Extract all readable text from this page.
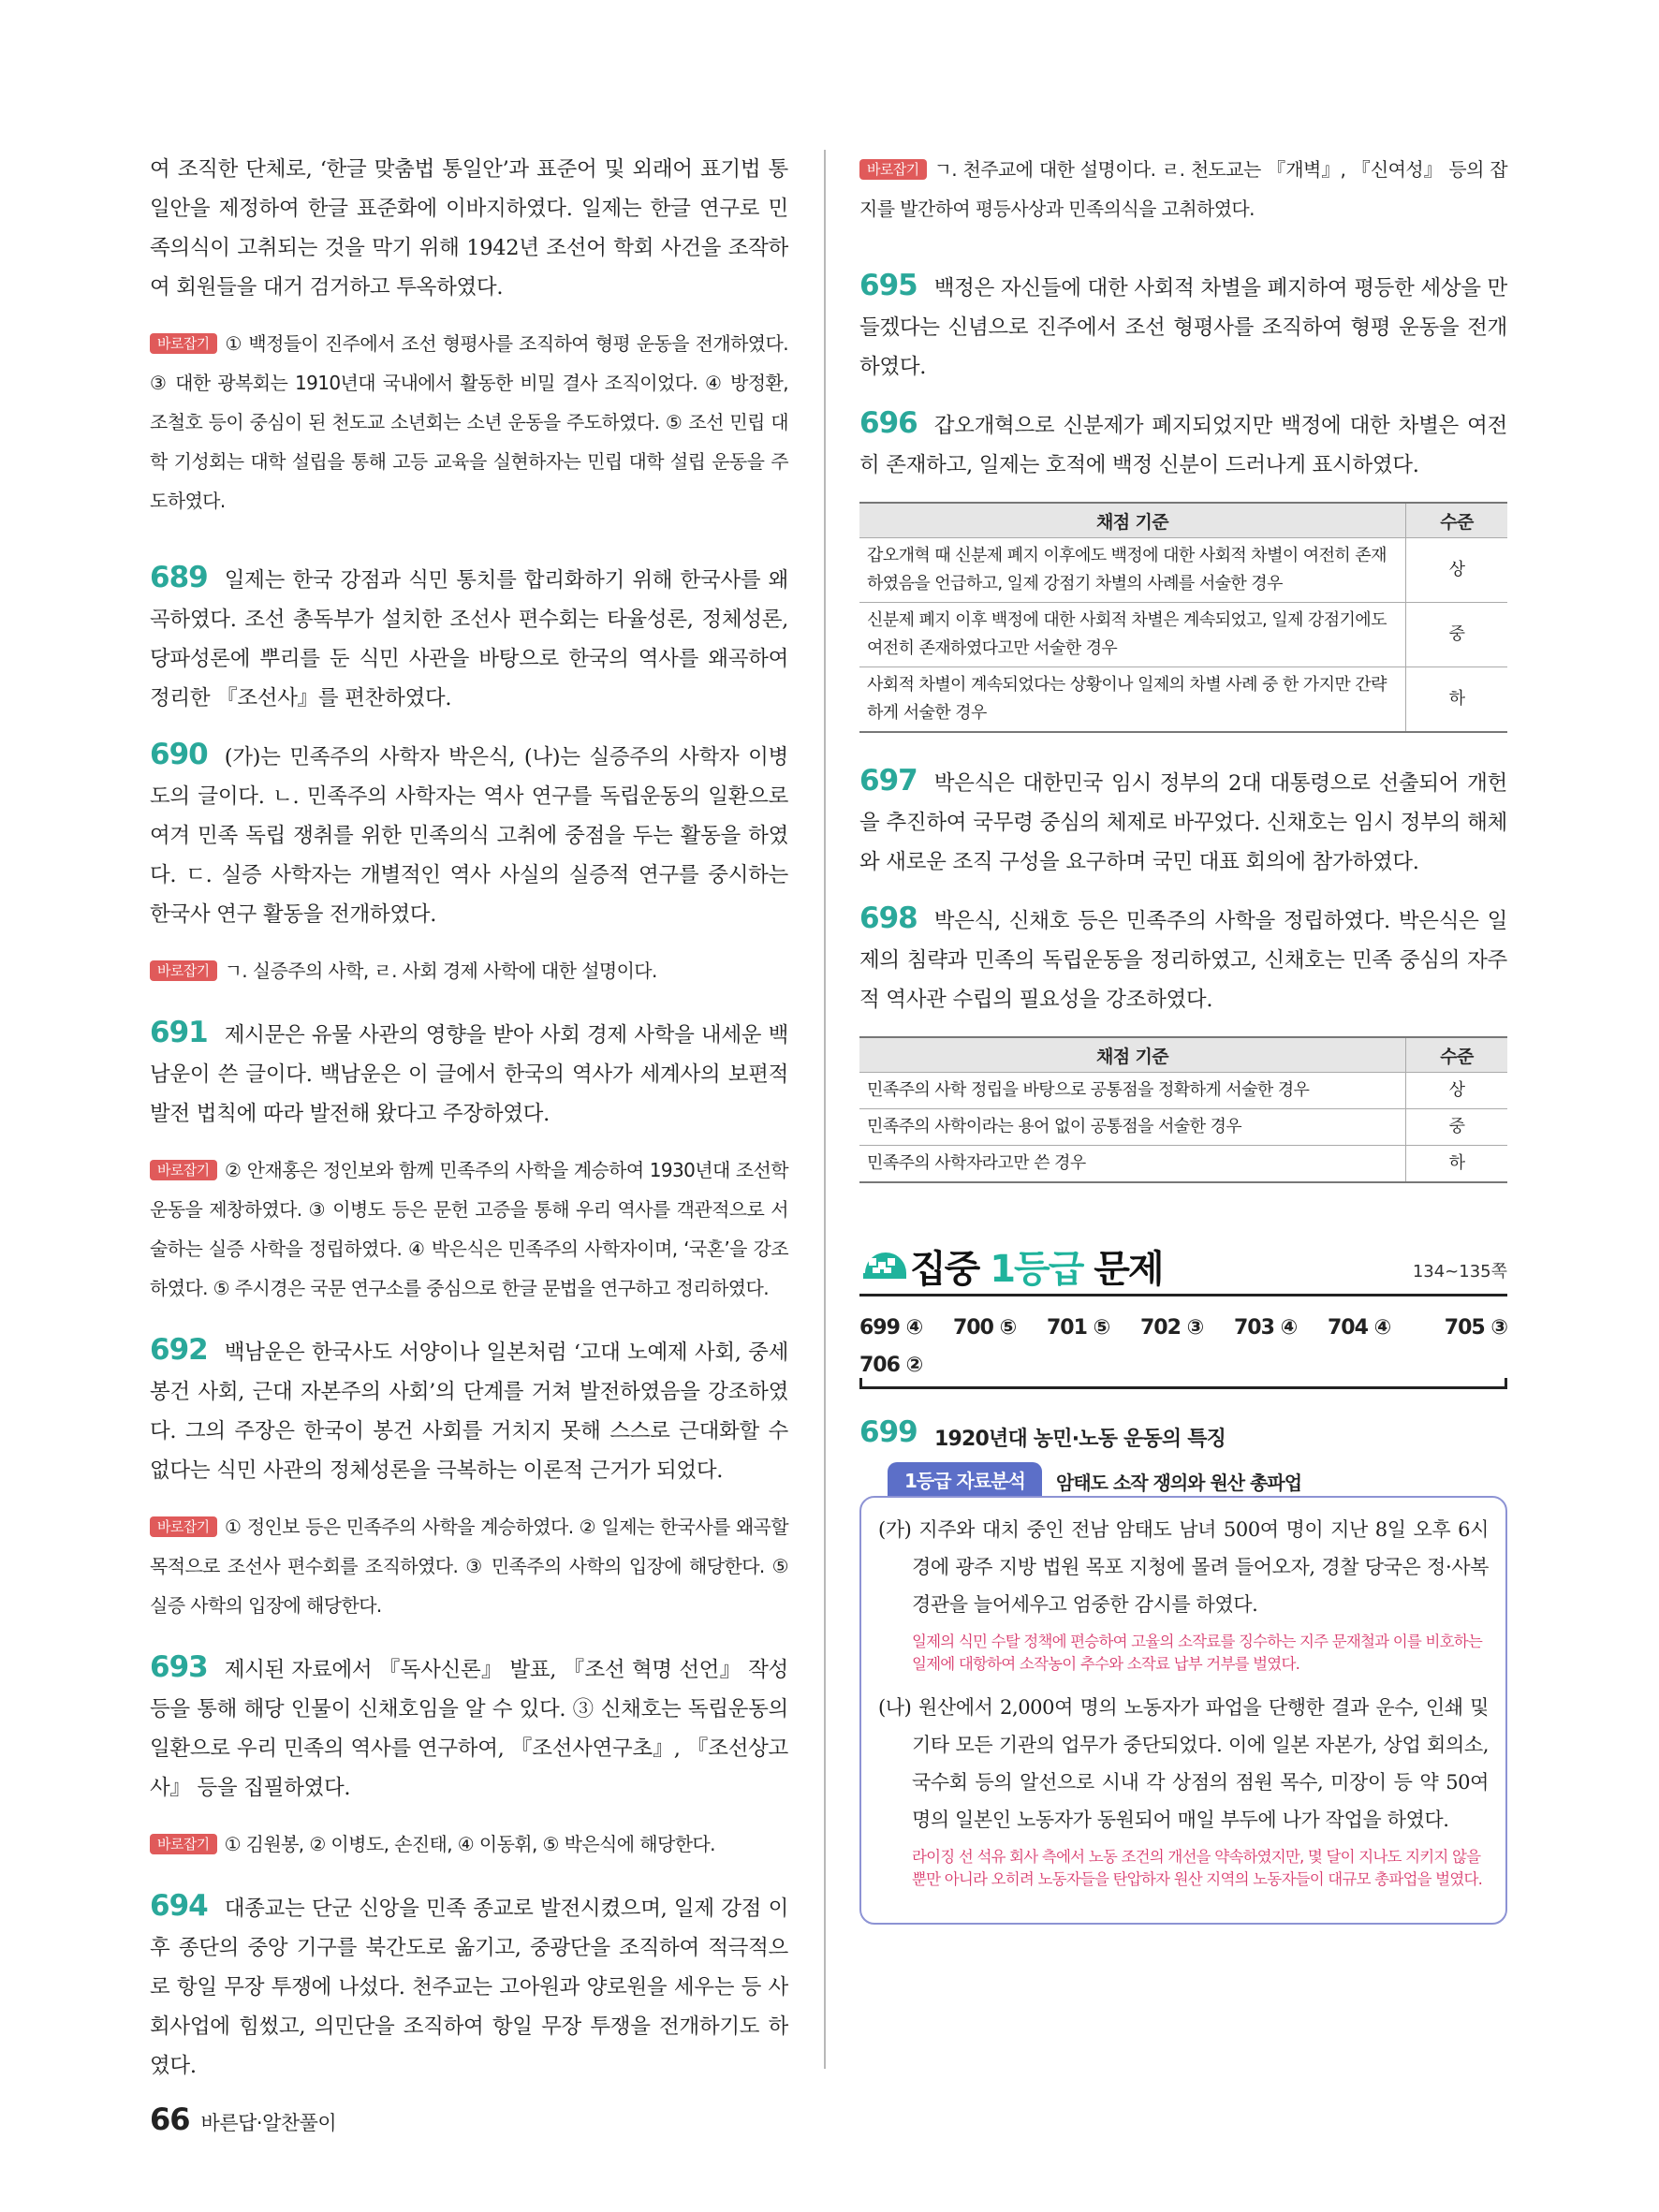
여 조직한 단체로, ‘한글 맞춤법 통일안’과 표준어 및 외래어 표기법 통일안을 제정하여 한글 표준화에 이바지하였다. 일제는 한글 연구로 민족의식이 고취되는 것을 막기 위해 1942년 조선어 학회 사건을 조작하여 회원들을 대거 검거하고 투옥하였다.

바로잡기 ① 백정들이 진주에서 조선 형평사를 조직하여 형평 운동을 전개하였다. ③ 대한 광복회는 1910년대 국내에서 활동한 비밀 결사 조직이었다. ④ 방정환, 조철호 등이 중심이 된 천도교 소년회는 소년 운동을 주도하였다. ⑤ 조선 민립 대학 기성회는 대학 설립을 통해 고등 교육을 실현하자는 민립 대학 설립 운동을 주도하였다.

689 일제는 한국 강점과 식민 통치를 합리화하기 위해 한국사를 왜곡하였다. 조선 총독부가 설치한 조선사 편수회는 타율성론, 정체성론, 당파성론에 뿌리를 둔 식민 사관을 바탕으로 한국의 역사를 왜곡하여 정리한 『조선사』를 편찬하였다.

690 (가)는 민족주의 사학자 박은식, (나)는 실증주의 사학자 이병도의 글이다. ㄴ. 민족주의 사학자는 역사 연구를 독립운동의 일환으로 여겨 민족 독립 쟁취를 위한 민족의식 고취에 중점을 두는 활동을 하였다. ㄷ. 실증 사학자는 개별적인 역사 사실의 실증적 연구를 중시하는 한국사 연구 활동을 전개하였다.

바로잡기 ㄱ. 실증주의 사학, ㄹ. 사회 경제 사학에 대한 설명이다.

691 제시문은 유물 사관의 영향을 받아 사회 경제 사학을 내세운 백남운이 쓴 글이다. 백남운은 이 글에서 한국의 역사가 세계사의 보편적 발전 법칙에 따라 발전해 왔다고 주장하였다.

바로잡기 ② 안재홍은 정인보와 함께 민족주의 사학을 계승하여 1930년대 조선학 운동을 제창하였다. ③ 이병도 등은 문헌 고증을 통해 우리 역사를 객관적으로 서술하는 실증 사학을 정립하였다. ④ 박은식은 민족주의 사학자이며, ‘국혼’을 강조하였다. ⑤ 주시경은 국문 연구소를 중심으로 한글 문법을 연구하고 정리하였다.

692 백남운은 한국사도 서양이나 일본처럼 ‘고대 노예제 사회, 중세 봉건 사회, 근대 자본주의 사회’의 단계를 거쳐 발전하였음을 강조하였다. 그의 주장은 한국이 봉건 사회를 거치지 못해 스스로 근대화할 수 없다는 식민 사관의 정체성론을 극복하는 이론적 근거가 되었다.

바로잡기 ① 정인보 등은 민족주의 사학을 계승하였다. ② 일제는 한국사를 왜곡할 목적으로 조선사 편수회를 조직하였다. ③ 민족주의 사학의 입장에 해당한다. ⑤ 실증 사학의 입장에 해당한다.

693 제시된 자료에서 『독사신론』 발표, 『조선 혁명 선언』 작성 등을 통해 해당 인물이 신채호임을 알 수 있다. ③ 신채호는 독립운동의 일환으로 우리 민족의 역사를 연구하여, 『조선사연구초』, 『조선상고사』 등을 집필하였다.

바로잡기 ① 김원봉, ② 이병도, 손진태, ④ 이동휘, ⑤ 박은식에 해당한다.

694 대종교는 단군 신앙을 민족 종교로 발전시켰으며, 일제 강점 이후 종단의 중앙 기구를 북간도로 옮기고, 중광단을 조직하여 적극적으로 항일 무장 투쟁에 나섰다. 천주교는 고아원과 양로원을 세우는 등 사회사업에 힘썼고, 의민단을 조직하여 항일 무장 투쟁을 전개하기도 하였다.

바로잡기 ㄱ. 천주교에 대한 설명이다. ㄹ. 천도교는 『개벽』, 『신여성』 등의 잡지를 발간하여 평등사상과 민족의식을 고취하였다.

695 백정은 자신들에 대한 사회적 차별을 폐지하여 평등한 세상을 만들겠다는 신념으로 진주에서 조선 형평사를 조직하여 형평 운동을 전개하였다.

696 갑오개혁으로 신분제가 폐지되었지만 백정에 대한 차별은 여전히 존재하고, 일제는 호적에 백정 신분이 드러나게 표시하였다.

채점 기준	수준
갑오개혁 때 신분제 폐지 이후에도 백정에 대한 사회적 차별이 여전히 존재하였음을 언급하고, 일제 강점기 차별의 사례를 서술한 경우	상
신분제 폐지 이후 백정에 대한 사회적 차별은 계속되었고, 일제 강점기에도 여전히 존재하였다고만 서술한 경우	중
사회적 차별이 계속되었다는 상황이나 일제의 차별 사례 중 한 가지만 간략하게 서술한 경우	하

697 박은식은 대한민국 임시 정부의 2대 대통령으로 선출되어 개헌을 추진하여 국무령 중심의 체제로 바꾸었다. 신채호는 임시 정부의 해체와 새로운 조직 구성을 요구하며 국민 대표 회의에 참가하였다.

698 박은식, 신채호 등은 민족주의 사학을 정립하였다. 박은식은 일제의 침략과 민족의 독립운동을 정리하였고, 신채호는 민족 중심의 자주적 역사관 수립의 필요성을 강조하였다.

채점 기준	수준
민족주의 사학 정립을 바탕으로 공통점을 정확하게 서술한 경우	상
민족주의 사학이라는 용어 없이 공통점을 서술한 경우	중
민족주의 사학자라고만 쓴 경우	하
집중 1등급 문제	134~135쪽
699 ④ 700 ⑤ 701 ⑤ 702 ③ 703 ④ 704 ④	705 ③
706 ②
699 1920년대 농민·노동 운동의 특징
1등급 자료분석	암태도 소작 쟁의와 원산 총파업

(가) 지주와 대치 중인 전남 암태도 남녀 500여 명이 지난 8일 오후 6시경에 광주 지방 법원 목포 지청에 몰려 들어오자, 경찰 당국은 정·사복 경관을 늘어세우고 엄중한 감시를 하였다.

일제의 식민 수탈 정책에 편승하여 고율의 소작료를 징수하는 지주 문재철과 이를 비호하는 일제에 대항하여 소작농이 추수와 소작료 납부 거부를 벌였다.

(나) 원산에서 2,000여 명의 노동자가 파업을 단행한 결과 운수, 인쇄 및 기타 모든 기관의 업무가 중단되었다. 이에 일본 자본가, 상업 회의소, 국수회 등의 알선으로 시내 각 상점의 점원 목수, 미장이 등 약 50여 명의 일본인 노동자가 동원되어 매일 부두에 나가 작업을 하였다.

라이징 선 석유 회사 측에서 노동 조건의 개선을 약속하였지만, 몇 달이 지나도 지키지 않을 뿐만 아니라 오히려 노동자들을 탄압하자 원산 지역의 노동자들이 대규모 총파업을 벌였다.
66 바른답·알찬풀이
